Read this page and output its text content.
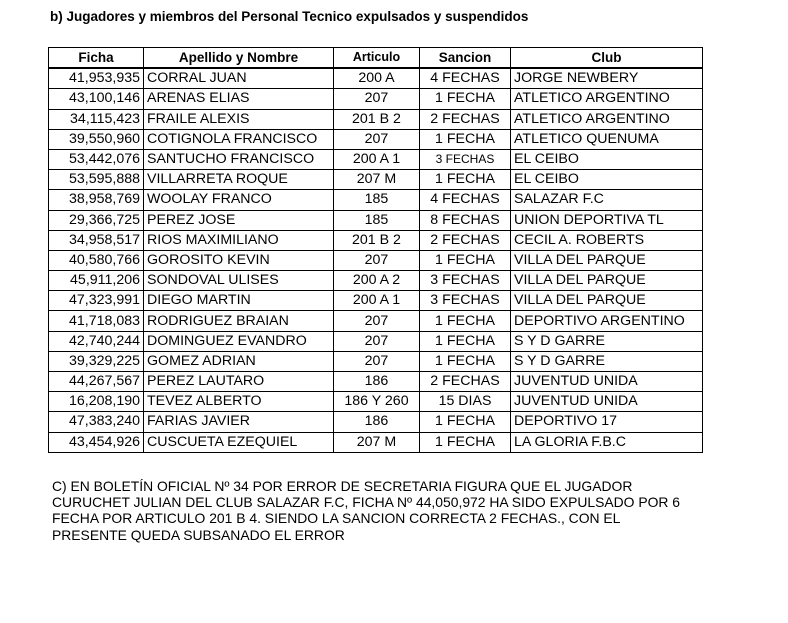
b) Jugadores y miembros del Personal Tecnico expulsados y suspendidos
Ficha	Apellido y Nombre	Articulo	Sancion	Club
41,953,935	CORRAL JUAN	200 A	4 FECHAS	JORGE NEWBERY
43,100,146	ARENAS ELIAS	207	1 FECHA	ATLETICO ARGENTINO
34,115,423	FRAILE ALEXIS	201 B 2	2 FECHAS	ATLETICO ARGENTINO
39,550,960	COTIGNOLA FRANCISCO	207	1 FECHA	ATLETICO QUENUMA
53,442,076	SANTUCHO FRANCISCO	200 A 1	3 FECHAS	EL CEIBO
53,595,888	VILLARRETA ROQUE	207 M	1 FECHA	EL CEIBO
38,958,769	WOOLAY FRANCO	185	4 FECHAS	SALAZAR F.C
29,366,725	PEREZ JOSE	185	8 FECHAS	UNION DEPORTIVA TL
34,958,517	RIOS MAXIMILIANO	201 B 2	2 FECHAS	CECIL A. ROBERTS
40,580,766	GOROSITO KEVIN	207	1 FECHA	VILLA DEL PARQUE
45,911,206	SONDOVAL ULISES	200 A 2	3 FECHAS	VILLA DEL PARQUE
47,323,991	DIEGO MARTIN	200 A 1	3 FECHAS	VILLA DEL PARQUE
41,718,083	RODRIGUEZ BRAIAN	207	1 FECHA	DEPORTIVO ARGENTINO
42,740,244	DOMINGUEZ EVANDRO	207	1 FECHA	S Y D GARRE
39,329,225	GOMEZ ADRIAN	207	1 FECHA	S Y D GARRE
44,267,567	PEREZ LAUTARO	186	2 FECHAS	JUVENTUD UNIDA
16,208,190	TEVEZ ALBERTO	186 Y 260	15 DIAS	JUVENTUD UNIDA
47,383,240	FARIAS JAVIER	186	1 FECHA	DEPORTIVO 17
43,454,926	CUSCUETA EZEQUIEL	207 M	1 FECHA	LA GLORIA F.B.C

C) EN BOLETÍN OFICIAL Nº 34 POR ERROR DE SECRETARIA FIGURA QUE EL JUGADOR

CURUCHET JULIAN DEL CLUB SALAZAR F.C, FICHA Nº 44,050,972 HA SIDO EXPULSADO POR 6

FECHA POR ARTICULO 201 B 4. SIENDO LA SANCION CORRECTA 2 FECHAS., CON EL

PRESENTE QUEDA SUBSANADO EL ERROR
